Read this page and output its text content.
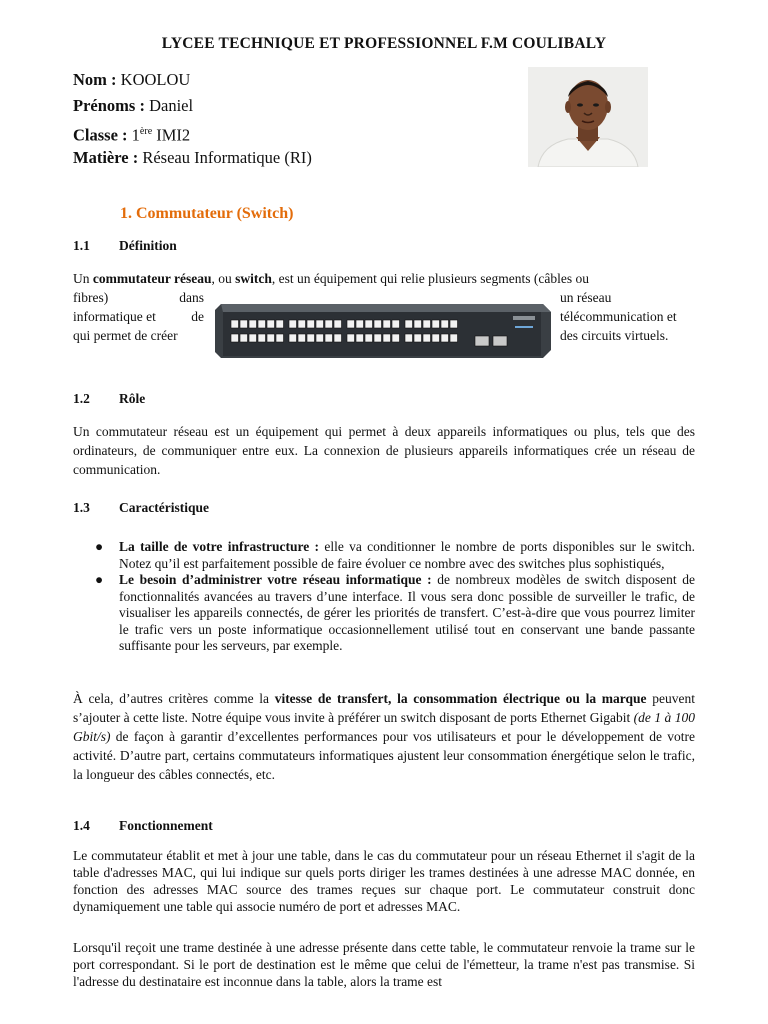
LYCEE TECHNIQUE ET PROFESSIONNEL F.M COULIBALY
Nom : KOOLOU
Prénoms : Daniel
Classe : 1ère IMI2
Matière : Réseau Informatique (RI)
1. Commutateur (Switch)
1.1 Définition
Un commutateur réseau, ou switch, est un équipement qui relie plusieurs segments (câbles ou
fibres)	dans
informatique et	de
qui permet de créer
un réseau
télécommunication et
des circuits virtuels.
1.2 Rôle
Un commutateur réseau est un équipement qui permet à deux appareils informatiques ou plus, tels que des ordinateurs, de communiquer entre eux. La connexion de plusieurs appareils informatiques crée un réseau de communication.
1.3 Caractéristique
● La taille de votre infrastructure : elle va conditionner le nombre de ports disponibles sur le switch. Notez qu’il est parfaitement possible de faire évoluer ce nombre avec des switches plus sophistiqués,
● Le besoin d’administrer votre réseau informatique : de nombreux modèles de switch disposent de fonctionnalités avancées au travers d’une interface. Il vous sera donc possible de surveiller le trafic, de visualiser les appareils connectés, de gérer les priorités de transfert. C’est-à-dire que vous pourrez limiter le trafic vers un poste informatique occasionnellement utilisé tout en conservant une bande passante suffisante pour les serveurs, par exemple.
À cela, d’autres critères comme la vitesse de transfert, la consommation électrique ou la marque peuvent s’ajouter à cette liste. Notre équipe vous invite à préférer un switch disposant de ports Ethernet Gigabit (de 1 à 100 Gbit/s) de façon à garantir d’excellentes performances pour vos utilisateurs et pour le développement de votre activité. D’autre part, certains commutateurs informatiques ajustent leur consommation énergétique selon le trafic, la longueur des câbles connectés, etc.
1.4 Fonctionnement
Le commutateur établit et met à jour une table, dans le cas du commutateur pour un réseau Ethernet il s'agit de la table d'adresses MAC, qui lui indique sur quels ports diriger les trames destinées à une adresse MAC donnée, en fonction des adresses MAC source des trames reçues sur chaque port. Le commutateur construit donc dynamiquement une table qui associe numéro de port et adresses MAC.
Lorsqu'il reçoit une trame destinée à une adresse présente dans cette table, le commutateur renvoie la trame sur le port correspondant. Si le port de destination est le même que celui de l'émetteur, la trame n'est pas transmise. Si l'adresse du destinataire est inconnue dans la table, alors la trame est
